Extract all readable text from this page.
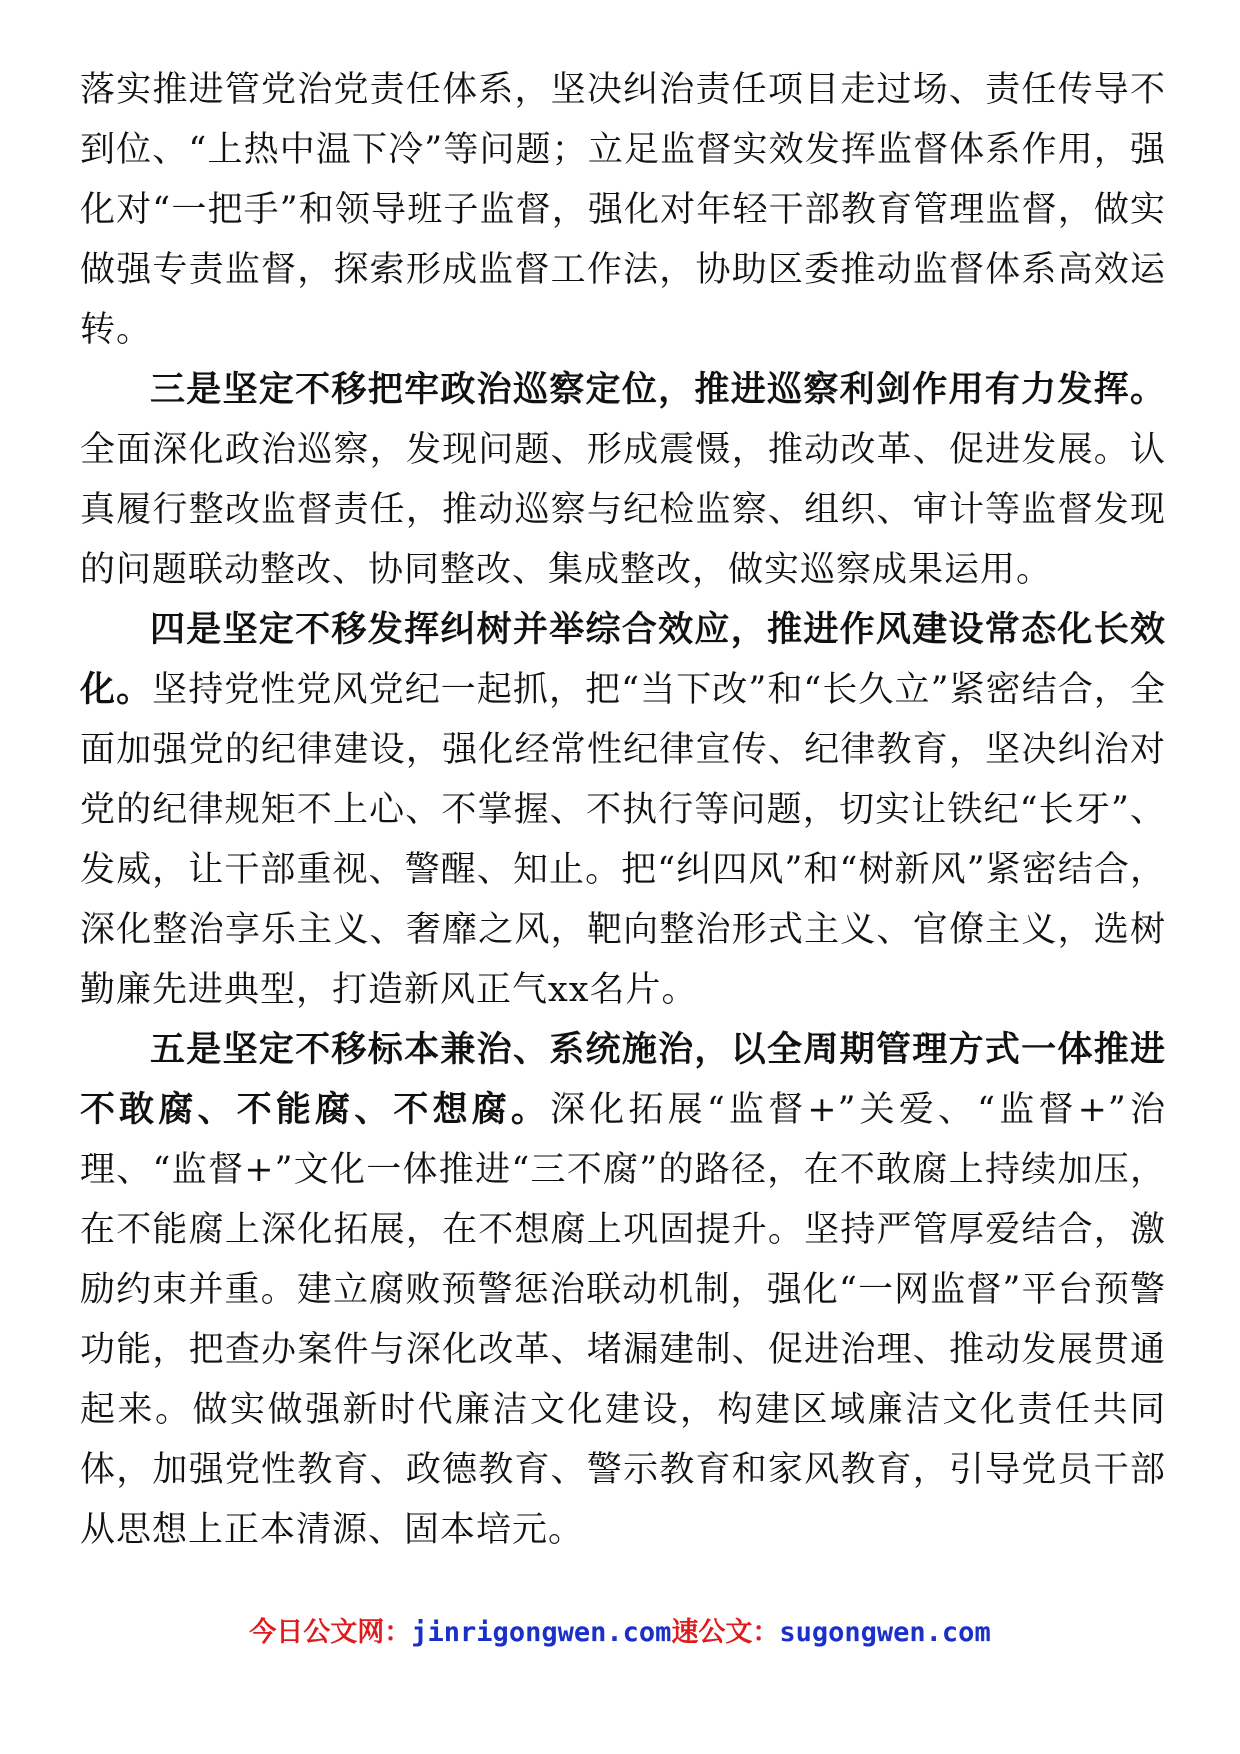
落实推进管党治党责任体系，坚决纠治责任项目走过场、责任传导不到位、“上热中温下冷”等问题；立足监督实效发挥监督体系作用，强化对“一把手”和领导班子监督，强化对年轻干部教育管理监督，做实做强专责监督，探索形成监督工作法，协助区委推动监督体系高效运转。

三是坚定不移把牢政治巡察定位，推进巡察利剑作用有力发挥。全面深化政治巡察，发现问题、形成震慑，推动改革、促进发展。认真履行整改监督责任，推动巡察与纪检监察、组织、审计等监督发现的问题联动整改、协同整改、集成整改，做实巡察成果运用。

四是坚定不移发挥纠树并举综合效应，推进作风建设常态化长效化。坚持党性党风党纪一起抓，把“当下改”和“长久立”紧密结合，全面加强党的纪律建设，强化经常性纪律宣传、纪律教育，坚决纠治对党的纪律规矩不上心、不掌握、不执行等问题，切实让铁纪“长牙”、发威，让干部重视、警醒、知止。把“纠四风”和“树新风”紧密结合，深化整治享乐主义、奢靡之风，靶向整治形式主义、官僚主义，选树勤廉先进典型，打造新风正气xx名片。

五是坚定不移标本兼治、系统施治，以全周期管理方式一体推进不敢腐、不能腐、不想腐。深化拓展“监督+”关爱、“监督+”治理、“监督+”文化一体推进“三不腐”的路径，在不敢腐上持续加压，在不能腐上深化拓展，在不想腐上巩固提升。坚持严管厚爱结合，激励约束并重。建立腐败预警惩治联动机制，强化“一网监督”平台预警功能，把查办案件与深化改革、堵漏建制、促进治理、推动发展贯通起来。做实做强新时代廉洁文化建设，构建区域廉洁文化责任共同体，加强党性教育、政德教育、警示教育和家风教育，引导党员干部从思想上正本清源、固本培元。

今日公文网：jinrigongwen.com速公文：sugongwen.com
